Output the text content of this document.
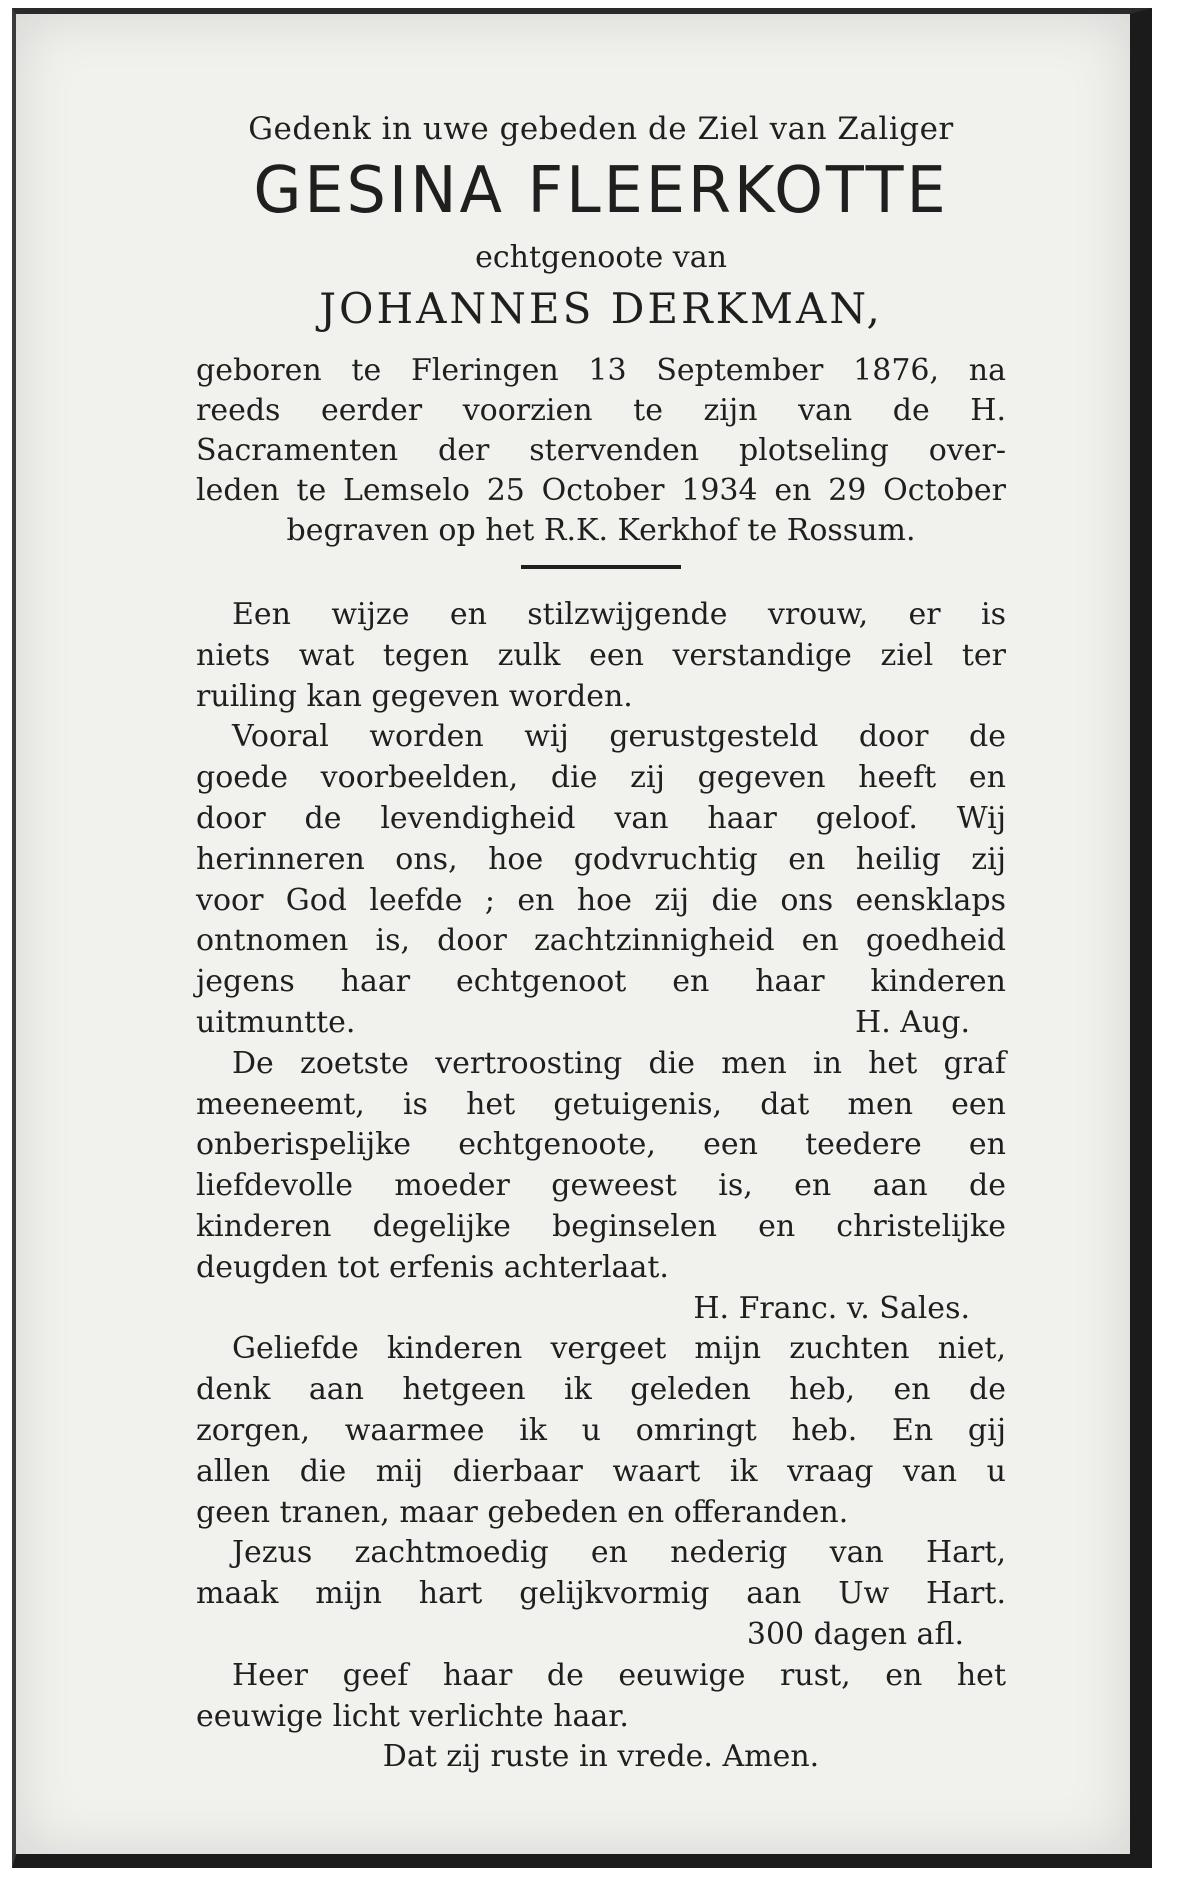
Gedenk in uwe gebeden de Ziel van Zaliger

GESINA FLEERKOTTE

echtgenoote van

JOHANNES DERKMAN,

geboren te Fleringen 13 September 1876, na
reeds eerder voorzien te zijn van de H.
Sacramenten der stervenden plotseling over-
leden te Lemselo 25 October 1934 en 29 October
begraven op het R.K. Kerkhof te Rossum.
Een wijze en stilzwijgende vrouw, er is
niets wat tegen zulk een verstandige ziel ter
ruiling kan gegeven worden.
Vooral worden wij gerustgesteld door de
goede voorbeelden, die zij gegeven heeft en
door de levendigheid van haar geloof. Wij
herinneren ons, hoe godvruchtig en heilig zij
voor God leefde ; en hoe zij die ons eensklaps
ontnomen is, door zachtzinnigheid en goedheid
jegens haar echtgenoot en haar kinderen
uitmuntte.	H. Aug.
De zoetste vertroosting die men in het graf
meeneemt, is het getuigenis, dat men een
onberispelijke echtgenoote, een teedere en
liefdevolle moeder geweest is, en aan de
kinderen degelijke beginselen en christelijke
deugden tot erfenis achterlaat.
H. Franc. v. Sales.
Geliefde kinderen vergeet mijn zuchten niet,
denk aan hetgeen ik geleden heb, en de
zorgen, waarmee ik u omringt heb. En gij
allen die mij dierbaar waart ik vraag van u
geen tranen, maar gebeden en offeranden.
Jezus zachtmoedig en nederig van Hart,
maak mijn hart gelijkvormig aan Uw Hart.
300 dagen afl.
Heer geef haar de eeuwige rust, en het
eeuwige licht verlichte haar.
Dat zij ruste in vrede. Amen.
